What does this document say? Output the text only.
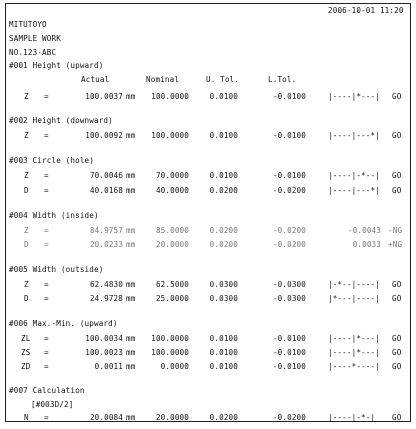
2006-10-01 11:20
MITUTOYO
SAMPLE WORK
NO.123-ABC
#001 Height (upward)
Actual	Nominal	U. Tol.	L.Tol.
Z =	100.0037 mm	100.0000	0.0100	-0.0100	|----|*---| GO
#002 Height (downward)
Z =	100.0092 mm	100.0000	0.0100	-0.0100	|----|---*| GO
#003 Circle (hole)
Z =	70.0046 mm	70.0000	0.0100	-0.0100	|----|-*--| GO
D =	40.0168 mm	40.0000	0.0200	-0.0200	|----|---*| GO
#004 Width (inside)
Z =	84.9757 mm	85.0000	0.0200	-0.0200	-0.0043 -NG
D =	20.0233 mm	20.0000	0.0200	-0.0200	0.0033 +NG
#005 Width (outside)
Z =	62.4830 mm	62.5000	0.0300	-0.0300	|-*--|----| GO
D =	24.9728 mm	25.0000	0.0300	-0.0300	|*---|----| GO
#006 Max.-Min. (upward)
ZL =	100.0034 mm	100.0000	0.0100	-0.0100	|----|*---| GO
ZS =	100.0023 mm	100.0000	0.0100	-0.0100	|----|*---| GO
ZD =	0.0011 mm	0.0000	0.0100	-0.0100	|----*----| GO
#007 Calculation
[#003D/2]
N =	20.0084 mm	20.0000	0.0200	-0.0200	|----|-*-| GO
